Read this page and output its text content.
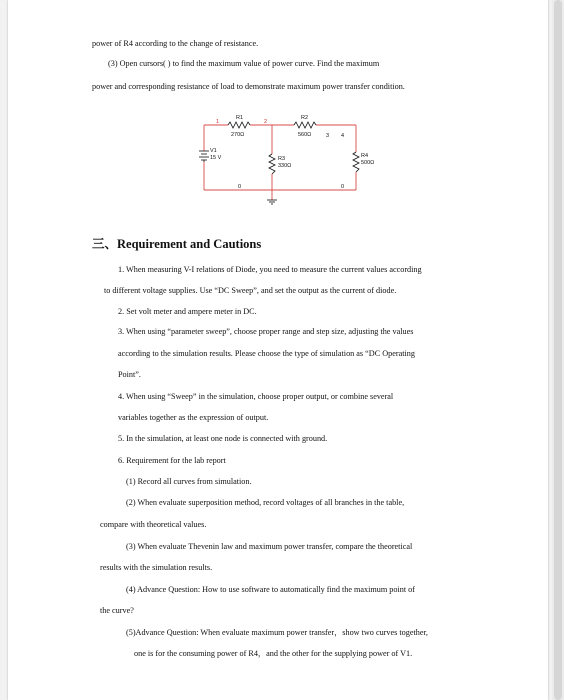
power of R4 according to the change of resistance.
(3) Open cursors( ) to find the maximum value of power curve. Find the maximum
power and corresponding resistance of load to demonstrate maximum power transfer condition.
R1
270Ω
R2
560Ω
R3
330Ω
R4
500Ω
V1
15 V
1	2
3 4
0	0
三、Requirement and Cautions
1. When measuring V-I relations of Diode, you need to measure the current values according
to different voltage supplies. Use “DC Sweep”, and set the output as the current of diode.
2. Set volt meter and ampere meter in DC.
3. When using “parameter sweep”, choose proper range and step size, adjusting the values
according to the simulation results. Please choose the type of simulation as “DC Operating
Point”.
4. When using “Sweep” in the simulation, choose proper output, or combine several
variables together as the expression of output.
5. In the simulation, at least one node is connected with ground.
6. Requirement for the lab report
(1) Record all curves from simulation.
(2) When evaluate superposition method, record voltages of all branches in the table,
compare with theoretical values.
(3) When evaluate Thevenin law and maximum power transfer, compare the theoretical
results with the simulation results.
(4) Advance Question: How to use software to automatically find the maximum point of
the curve?
(5)Advance Question: When evaluate maximum power transfer，show two curves together,
one is for the consuming power of R4，and the other for the supplying power of V1.
